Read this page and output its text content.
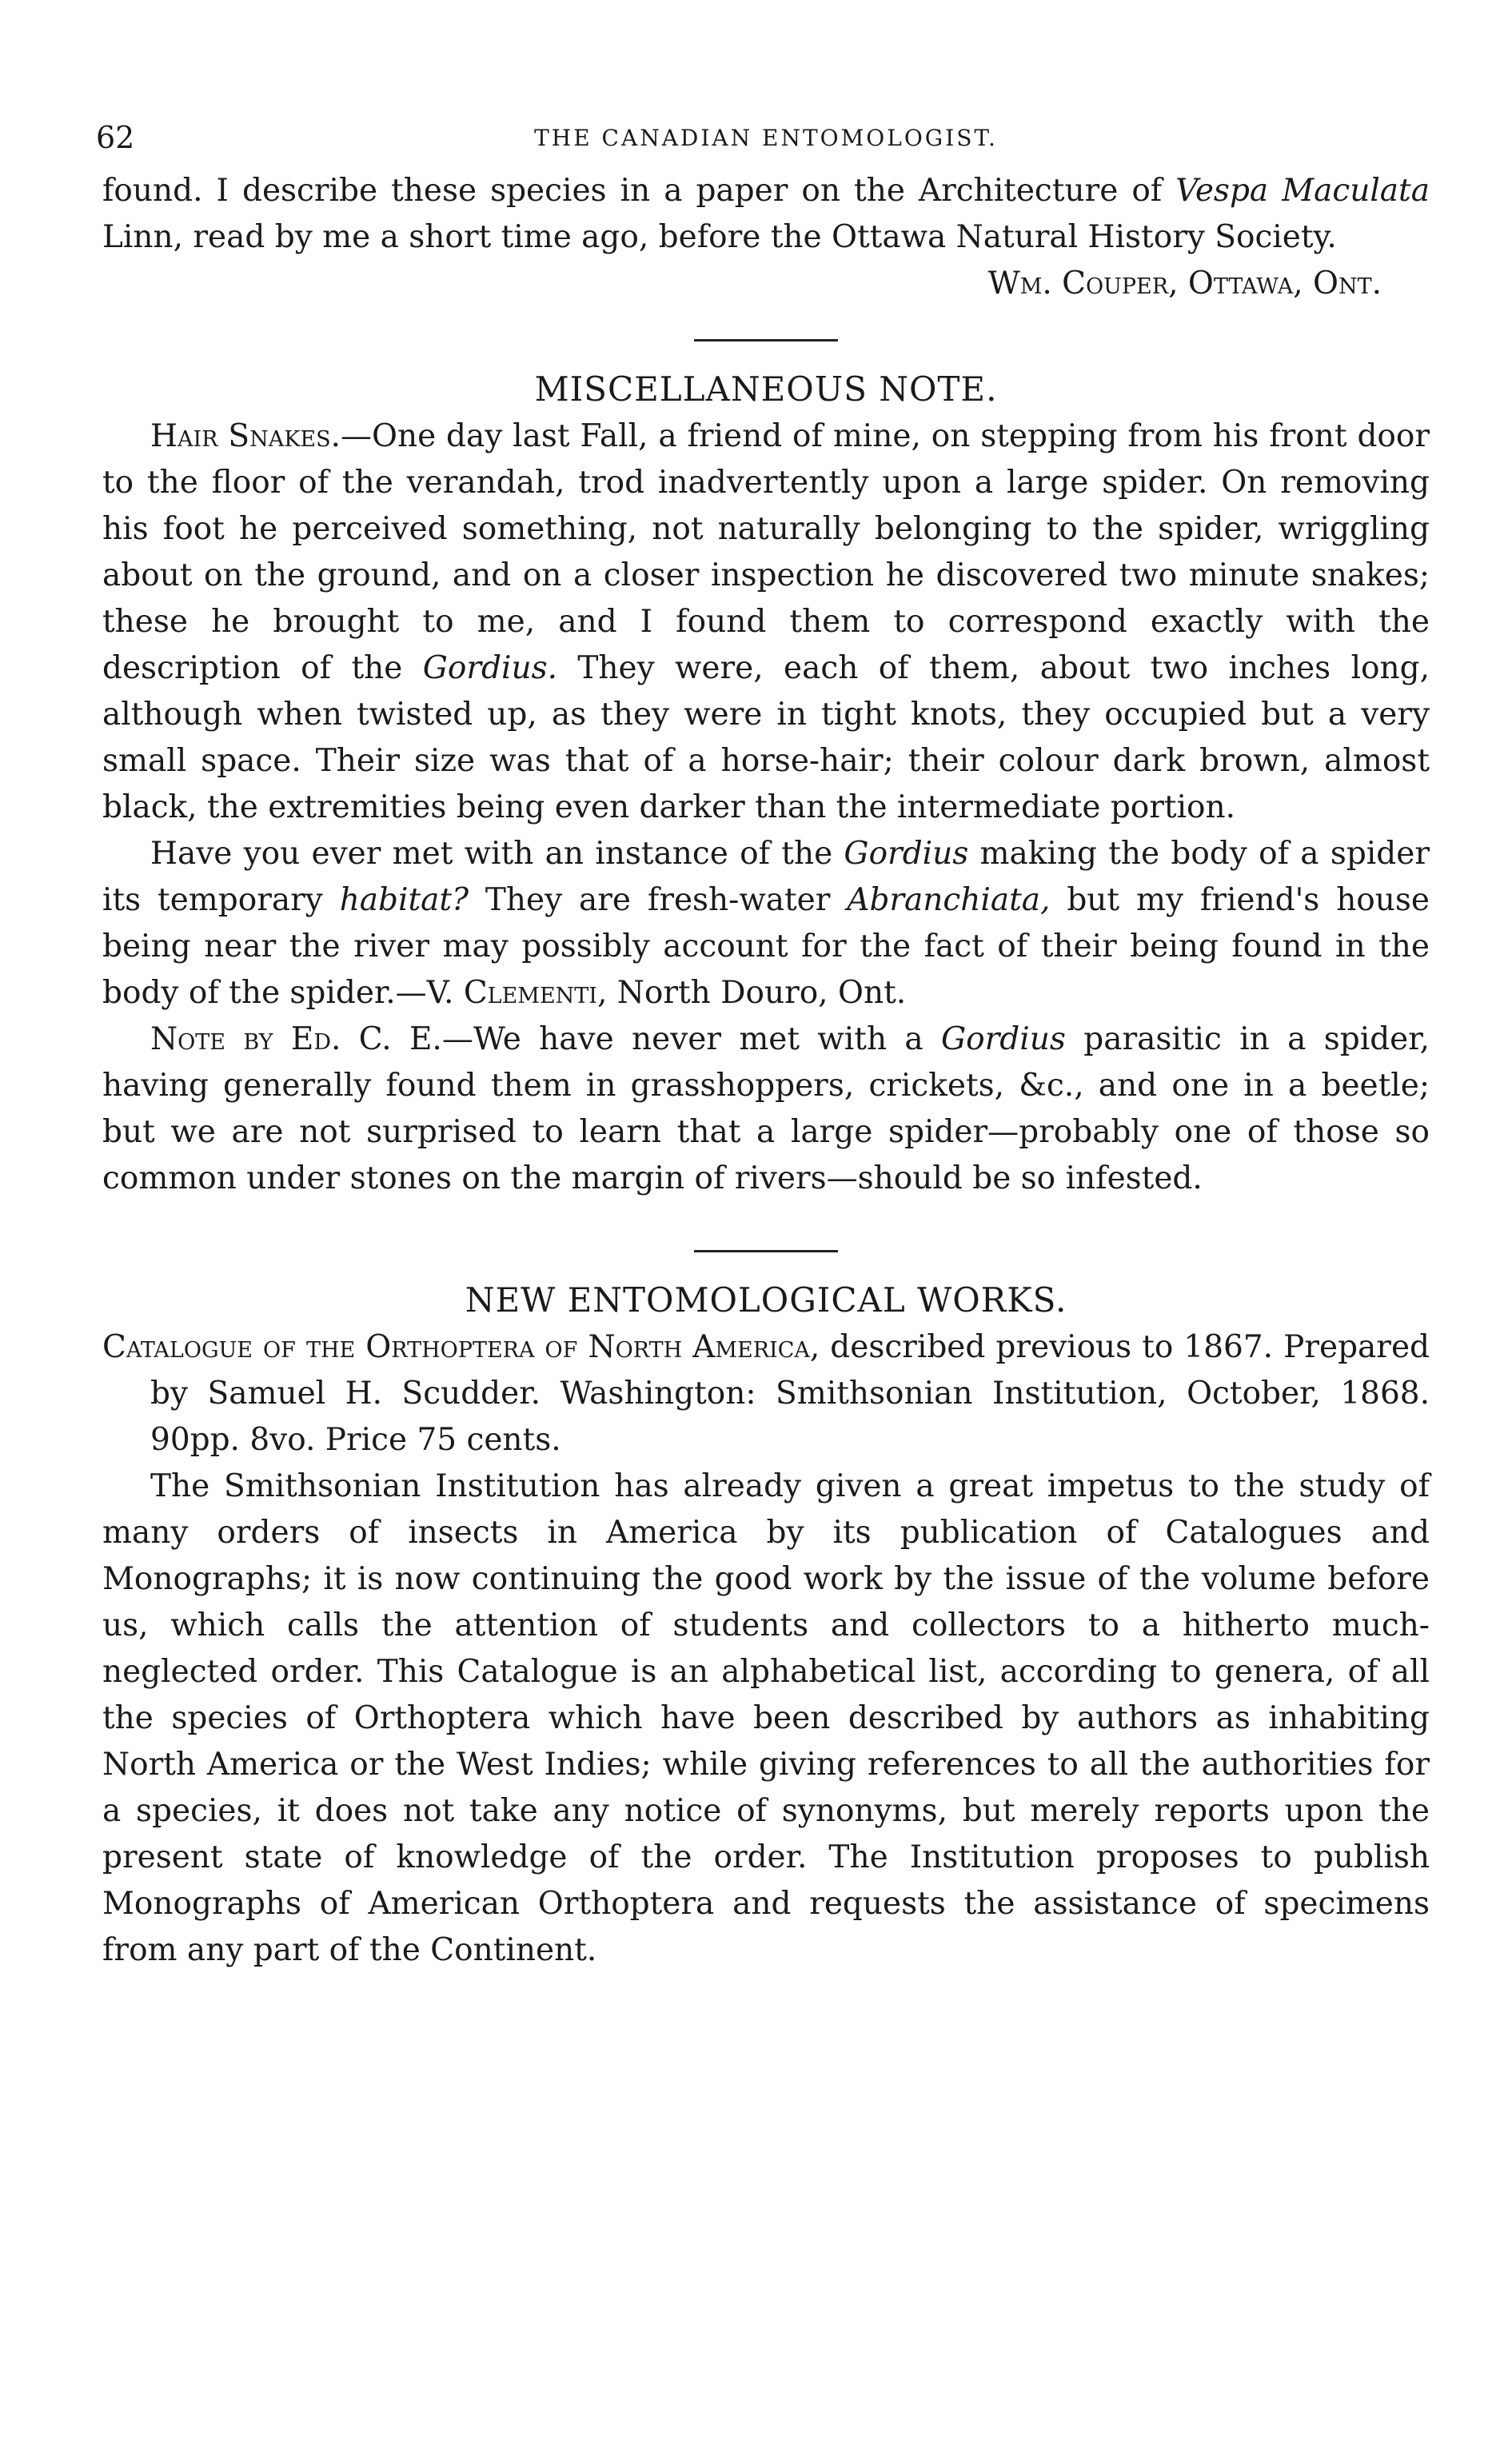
62	THE CANADIAN ENTOMOLOGIST.

found. I describe these species in a paper on the Architecture of Vespa Maculata Linn, read by me a short time ago, before the Ottawa Natural History Society.

Wm. Couper, Ottawa, Ont.
MISCELLANEOUS NOTE.

Hair Snakes.—One day last Fall, a friend of mine, on stepping from his front door to the floor of the verandah, trod inadvertently upon a large spider. On removing his foot he perceived something, not naturally belonging to the spider, wriggling about on the ground, and on a closer inspection he discovered two minute snakes; these he brought to me, and I found them to correspond exactly with the description of the Gordius. They were, each of them, about two inches long, although when twisted up, as they were in tight knots, they occupied but a very small space. Their size was that of a horse-hair; their colour dark brown, almost black, the extremities being even darker than the intermediate portion.

Have you ever met with an instance of the Gordius making the body of a spider its temporary habitat? They are fresh-water Abranchiata, but my friend's house being near the river may possibly account for the fact of their being found in the body of the spider.—V. Clementi, North Douro, Ont.

Note by Ed. C. E.—We have never met with a Gordius parasitic in a spider, having generally found them in grasshoppers, crickets, &c., and one in a beetle; but we are not surprised to learn that a large spider—probably one of those so common under stones on the margin of rivers—should be so infested.

NEW ENTOMOLOGICAL WORKS.

Catalogue of the Orthoptera of North America, described previous to 1867. Prepared by Samuel H. Scudder. Washington: Smithsonian Institution, October, 1868. 90pp. 8vo. Price 75 cents.

The Smithsonian Institution has already given a great impetus to the study of many orders of insects in America by its publication of Catalogues and Monographs; it is now continuing the good work by the issue of the volume before us, which calls the attention of students and collectors to a hitherto much-neglected order. This Catalogue is an alphabetical list, according to genera, of all the species of Orthoptera which have been described by authors as inhabiting North America or the West Indies; while giving references to all the authorities for a species, it does not take any notice of synonyms, but merely reports upon the present state of knowledge of the order. The Institution proposes to publish Monographs of American Orthoptera and requests the assistance of specimens from any part of the Continent.
